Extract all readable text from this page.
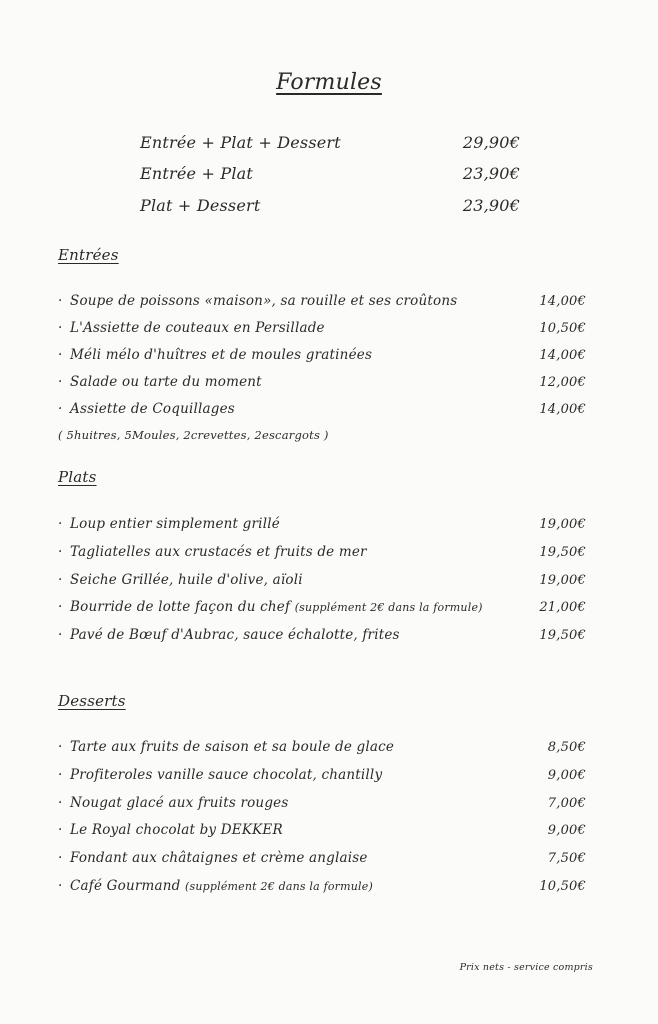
Formules
Entrée + Plat + Dessert	29,90€
Entrée + Plat	23,90€
Plat + Dessert	23,90€
Entrées
· Soupe de poissons «maison», sa rouille et ses croûtons	14,00€
· L'Assiette de couteaux en Persillade	10,50€
· Méli mélo d'huîtres et de moules gratinées	14,00€
· Salade ou tarte du moment	12,00€
· Assiette de Coquillages	14,00€
( 5huitres, 5Moules, 2crevettes, 2escargots )
Plats
· Loup entier simplement grillé	19,00€
· Tagliatelles aux crustacés et fruits de mer	19,50€
· Seiche Grillée, huile d'olive, aïoli	19,00€
· Bourride de lotte façon du chef (supplément 2€ dans la formule)	21,00€
· Pavé de Bœuf d'Aubrac, sauce échalotte, frites	19,50€
Desserts
· Tarte aux fruits de saison et sa boule de glace	8,50€
· Profiteroles vanille sauce chocolat, chantilly	9,00€
· Nougat glacé aux fruits rouges	7,00€
· Le Royal chocolat by DEKKER	9,00€
· Fondant aux châtaignes et crème anglaise	7,50€
· Café Gourmand (supplément 2€ dans la formule)	10,50€
Prix nets - service compris
